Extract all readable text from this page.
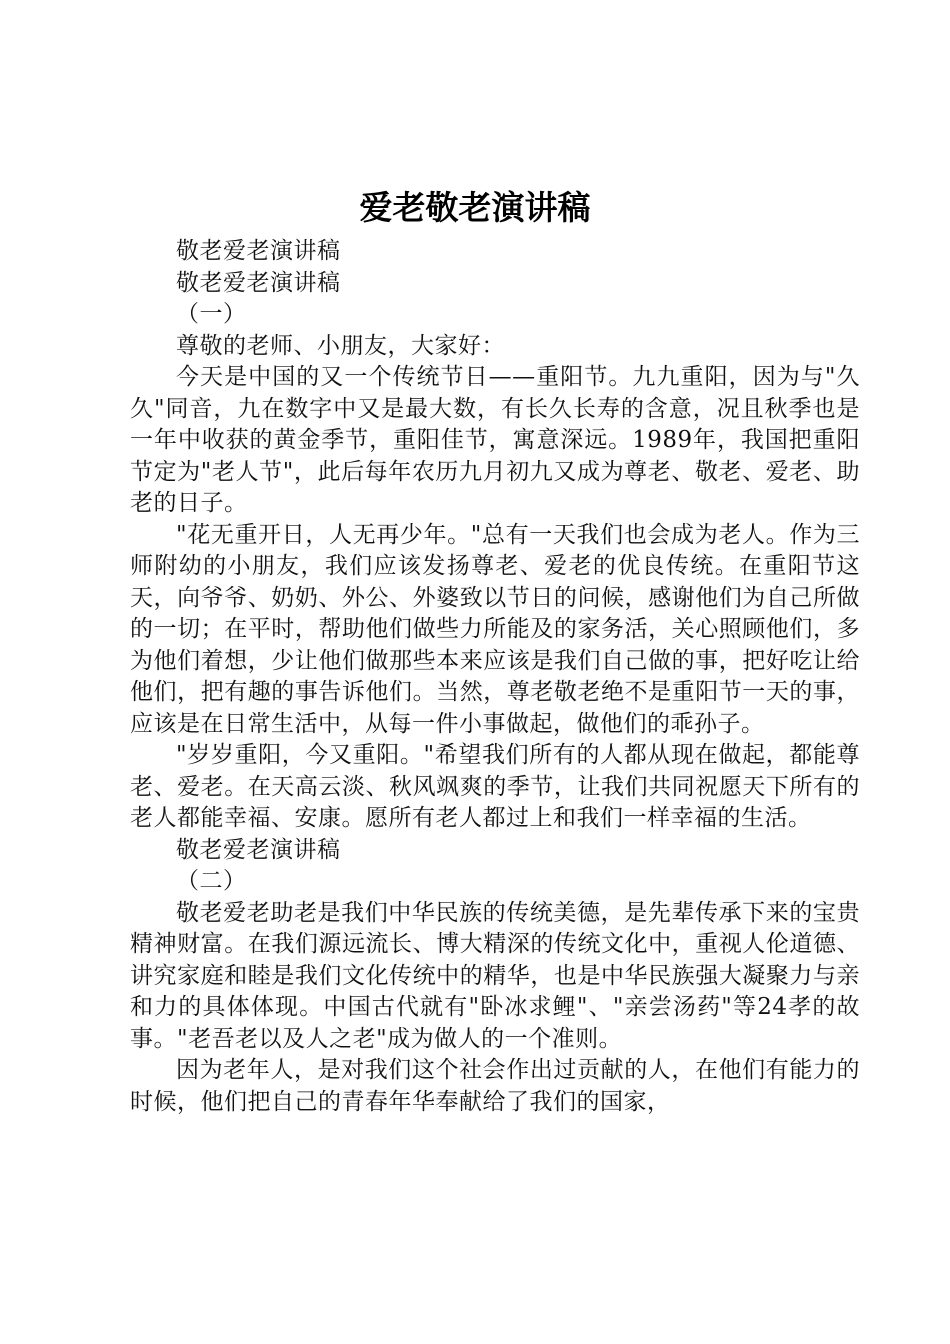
爱老敬老演讲稿

敬老爱老演讲稿

敬老爱老演讲稿

（一）

尊敬的老师、小朋友，大家好：

今天是中国的又一个传统节日——重阳节。九九重阳，因为与"久久"同音，九在数字中又是最大数，有长久长寿的含意，况且秋季也是一年中收获的黄金季节，重阳佳节，寓意深远。1989年，我国把重阳节定为"老人节"，此后每年农历九月初九又成为尊老、敬老、爱老、助老的日子。

"花无重开日，人无再少年。"总有一天我们也会成为老人。作为三师附幼的小朋友，我们应该发扬尊老、爱老的优良传统。在重阳节这天，向爷爷、奶奶、外公、外婆致以节日的问候，感谢他们为自己所做的一切；在平时，帮助他们做些力所能及的家务活，关心照顾他们，多为他们着想，少让他们做那些本来应该是我们自己做的事，把好吃让给他们，把有趣的事告诉他们。当然，尊老敬老绝不是重阳节一天的事，应该是在日常生活中，从每一件小事做起，做他们的乖孙子。

"岁岁重阳，今又重阳。"希望我们所有的人都从现在做起，都能尊老、爱老。在天高云淡、秋风飒爽的季节，让我们共同祝愿天下所有的老人都能幸福、安康。愿所有老人都过上和我们一样幸福的生活。

敬老爱老演讲稿

（二）

敬老爱老助老是我们中华民族的传统美德，是先辈传承下来的宝贵精神财富。在我们源远流长、博大精深的传统文化中，重视人伦道德、讲究家庭和睦是我们文化传统中的精华，也是中华民族强大凝聚力与亲和力的具体体现。中国古代就有"卧冰求鲤"、"亲尝汤药"等24孝的故事。"老吾老以及人之老"成为做人的一个准则。

因为老年人，是对我们这个社会作出过贡献的人，在他们有能力的时候，他们把自己的青春年华奉献给了我们的国家，
